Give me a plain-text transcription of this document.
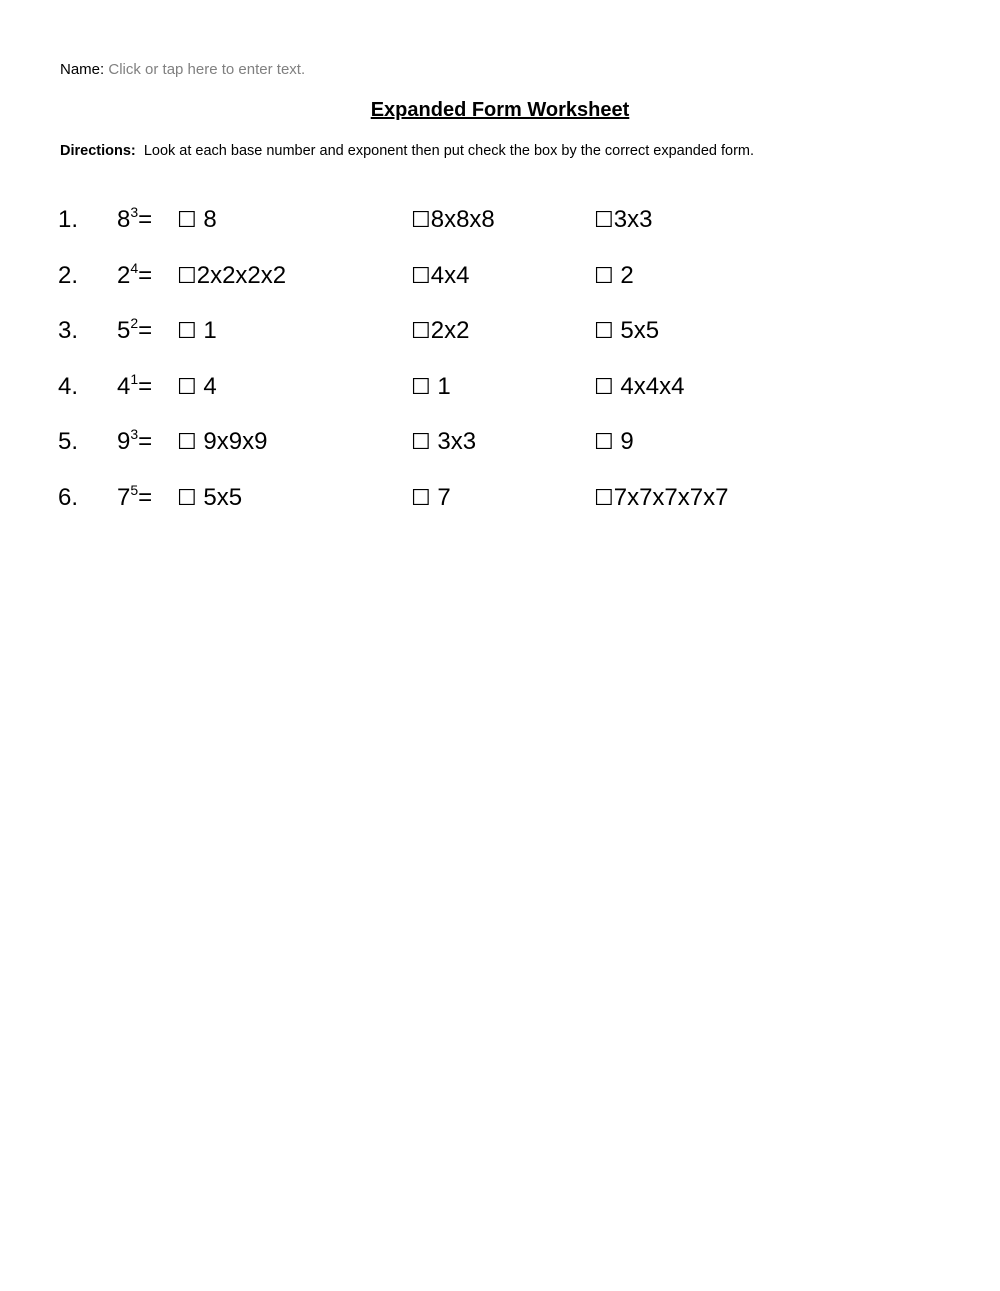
Name: Click or tap here to enter text.
Expanded Form Worksheet
Directions: Look at each base number and exponent then put check the box by the correct expanded form.
1. $8^3=$ ☐ 8	☐8x8x8	☐3x3
2. $2^4=$ ☐2x2x2x2	☐4x4	☐ 2
3. $5^2=$ ☐ 1	☐2x2	☐ 5x5
4. $4^1=$ ☐ 4	☐ 1	☐ 4x4x4
5. $9^3=$ ☐ 9x9x9	☐ 3x3	☐ 9
6. $7^5=$ ☐ 5x5	☐ 7	☐7x7x7x7x7
